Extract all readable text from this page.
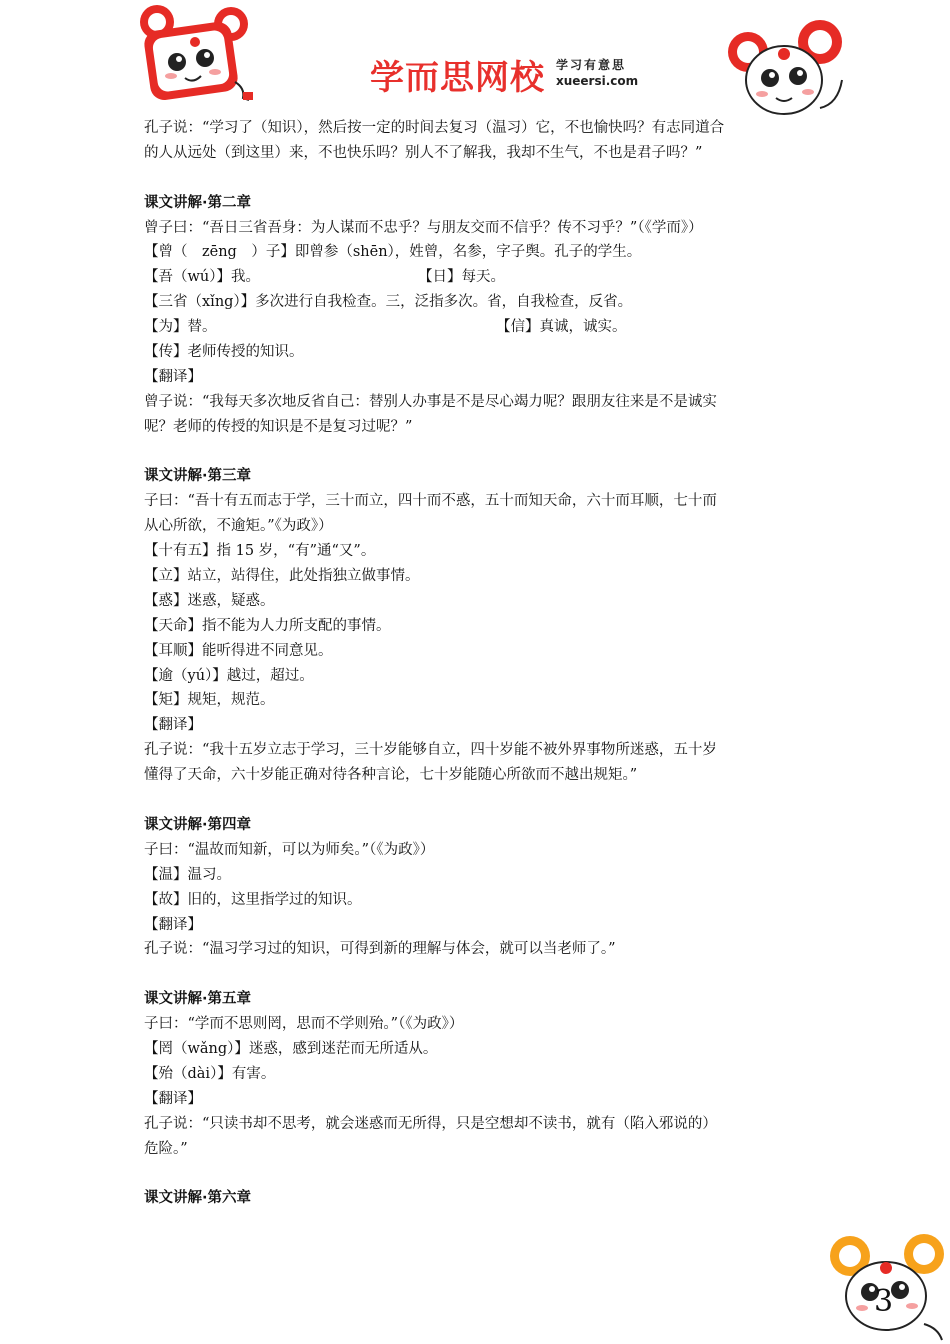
学而思网校 学习有意思
xueersi.com
孔子说：“学习了（知识），然后按一定的时间去复习（温习）它，不也愉快吗？有志同道合
的人从远处（到这里）来，不也快乐吗？别人不了解我，我却不生气，不也是君子吗？”
课文讲解·第二章
曾子曰：“吾日三省吾身：为人谋而不忠乎？与朋友交而不信乎？传不习乎？”（《学而》）
【曾（　zēng　）子】即曾参（shēn），姓曾，名参，字子舆。孔子的学生。
【吾（wú）】我。	【日】每天。
【三省（xǐng）】多次进行自我检查。三，泛指多次。省，自我检查，反省。
【为】替。	【信】真诚，诚实。
【传】老师传授的知识。
【翻译】
曾子说：“我每天多次地反省自己：替别人办事是不是尽心竭力呢？跟朋友往来是不是诚实
呢？老师的传授的知识是不是复习过呢？”
课文讲解·第三章
子曰：“吾十有五而志于学，三十而立，四十而不惑，五十而知天命，六十而耳顺，七十而
从心所欲，不逾矩。”《为政》）
【十有五】指 15 岁，“有”通“又”。
【立】站立，站得住，此处指独立做事情。
【惑】迷惑，疑惑。
【天命】指不能为人力所支配的事情。
【耳顺】能听得进不同意见。
【逾（yú）】越过，超过。
【矩】规矩，规范。
【翻译】
孔子说：“我十五岁立志于学习，三十岁能够自立，四十岁能不被外界事物所迷惑，五十岁
懂得了天命，六十岁能正确对待各种言论，七十岁能随心所欲而不越出规矩。”
课文讲解·第四章
子曰：“温故而知新，可以为师矣。”（《为政》）
【温】温习。
【故】旧的，这里指学过的知识。
【翻译】
孔子说：“温习学习过的知识，可得到新的理解与体会，就可以当老师了。”
课文讲解·第五章
子曰：“学而不思则罔，思而不学则殆。”（《为政》）
【罔（wǎng）】迷惑，感到迷茫而无所适从。
【殆（dài）】有害。
【翻译】
孔子说：“只读书却不思考，就会迷惑而无所得，只是空想却不读书，就有（陷入邪说的）
危险。”
课文讲解·第六章
3
